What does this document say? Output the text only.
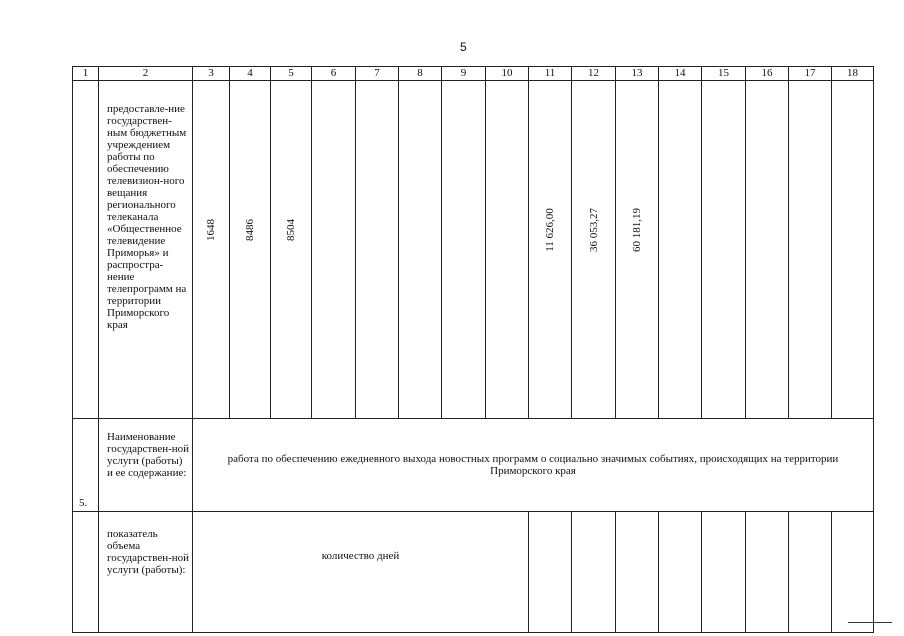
5
1	2	3	4	5	6	7	8	9	10	11	12	13	14	15	16	17	18
	предоставле-ние государствен-ным бюджетным учреждением работы по обеспечению телевизион-ного вещания регионального телеканала «Общественное телевидение Приморья» и распростра-нение телепрограмм на территории Приморского края	1648	8486	8504						11 626,00	36 053,27	60 181,19					

5.	Наименование государствен-ной услуги (работы) и ее содержание:	работа по обеспечению ежедневного выхода новостных программ о социально значимых событиях, происходящих на территории Приморского края															
	показатель объема государствен-ной услуги (работы):	количество дней															
